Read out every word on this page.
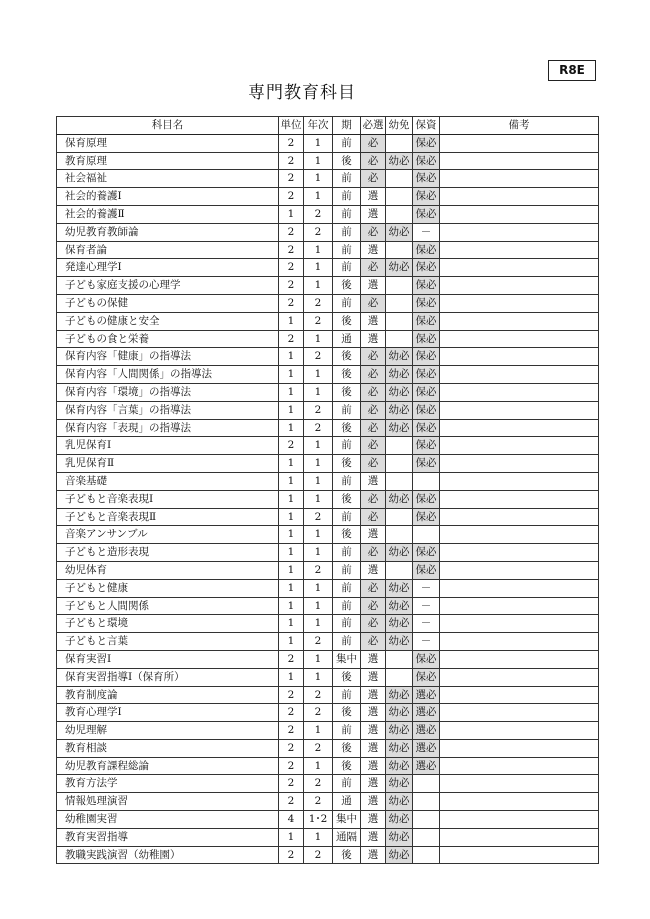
R8E
専門教育科目
科目名	単位	年次	期	必選	幼免	保資	備考
保育原理	2	1	前	必		保必	
教育原理	2	1	後	必	幼必	保必	
社会福祉	2	1	前	必		保必	
社会的養護Ⅰ	2	1	前	選		保必	
社会的養護Ⅱ	1	2	前	選		保必	
幼児教育教師論	2	2	前	必	幼必	－	
保育者論	2	1	前	選		保必	
発達心理学Ⅰ	2	1	前	必	幼必	保必	
子ども家庭支援の心理学	2	1	後	選		保必	
子どもの保健	2	2	前	必		保必	
子どもの健康と安全	1	2	後	選		保必	
子どもの食と栄養	2	1	通	選		保必	
保育内容「健康」の指導法	1	2	後	必	幼必	保必	
保育内容「人間関係」の指導法	1	1	後	必	幼必	保必	
保育内容「環境」の指導法	1	1	後	必	幼必	保必	
保育内容「言葉」の指導法	1	2	前	必	幼必	保必	
保育内容「表現」の指導法	1	2	後	必	幼必	保必	
乳児保育Ⅰ	2	1	前	必		保必	
乳児保育Ⅱ	1	1	後	必		保必	
音楽基礎	1	1	前	選			
子どもと音楽表現Ⅰ	1	1	後	必	幼必	保必	
子どもと音楽表現Ⅱ	1	2	前	必		保必	
音楽アンサンブル	1	1	後	選			
子どもと造形表現	1	1	前	必	幼必	保必	
幼児体育	1	2	前	選		保必	
子どもと健康	1	1	前	必	幼必	－	
子どもと人間関係	1	1	前	必	幼必	－	
子どもと環境	1	1	前	必	幼必	－	
子どもと言葉	1	2	前	必	幼必	－	
保育実習Ⅰ	2	1	集中	選		保必	
保育実習指導Ⅰ（保育所）	1	1	後	選		保必	
教育制度論	2	2	前	選	幼必	選必	
教育心理学Ⅰ	2	2	後	選	幼必	選必	
幼児理解	2	1	前	選	幼必	選必	
教育相談	2	2	後	選	幼必	選必	
幼児教育課程総論	2	1	後	選	幼必	選必	
教育方法学	2	2	前	選	幼必		
情報処理演習	2	2	通	選	幼必		
幼稚園実習	4	1･2	集中	選	幼必		
教育実習指導	1	1	通隔	選	幼必		
教職実践演習（幼稚園）	2	2	後	選	幼必		
